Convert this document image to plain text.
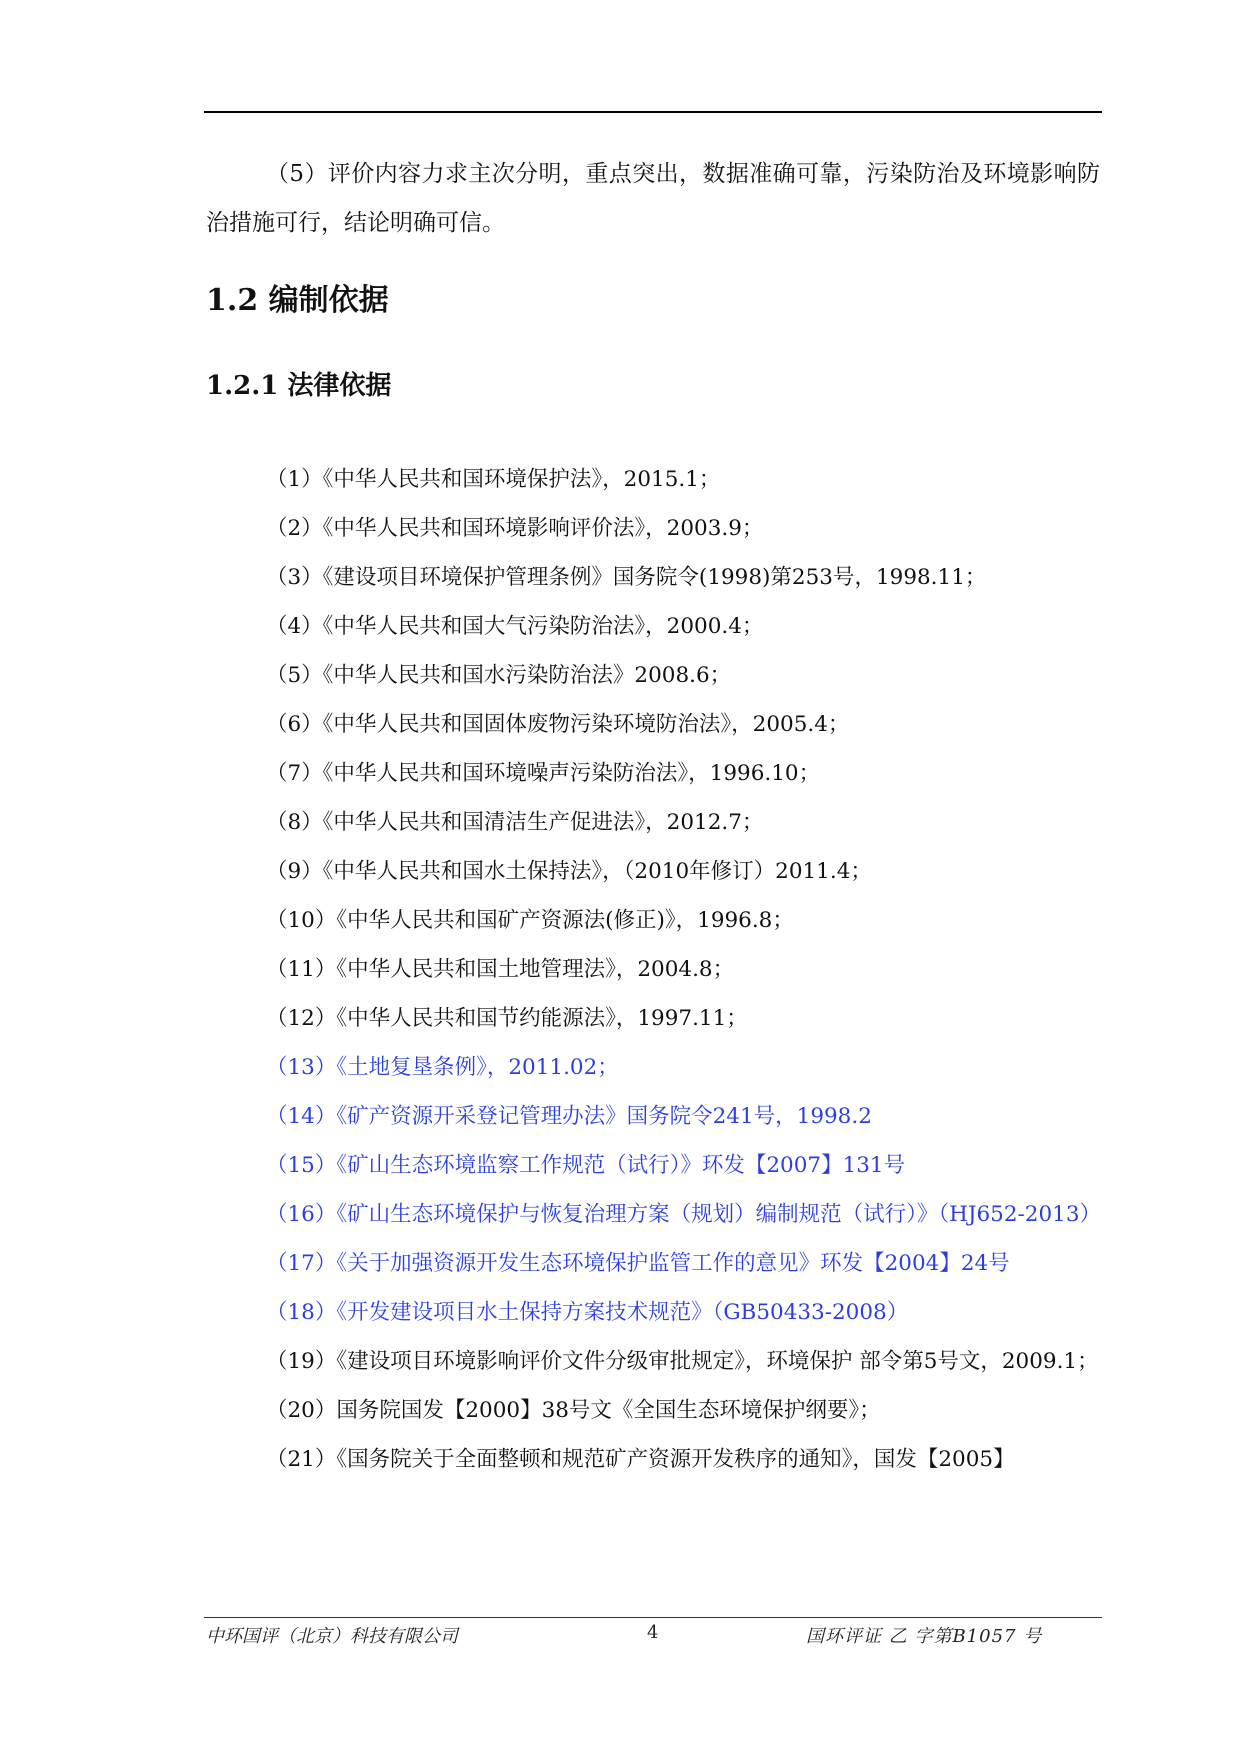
（5）评价内容力求主次分明，重点突出，数据准确可靠，污染防治及环境影响防治措施可行，结论明确可信。

1.2 编制依据
1.2.1 法律依据
（1）《中华人民共和国环境保护法》，2015.1；
（2）《中华人民共和国环境影响评价法》，2003.9；
（3）《建设项目环境保护管理条例》国务院令(1998)第253号，1998.11；
（4）《中华人民共和国大气污染防治法》，2000.4；
（5）《中华人民共和国水污染防治法》2008.6；
（6）《中华人民共和国固体废物污染环境防治法》，2005.4；
（7）《中华人民共和国环境噪声污染防治法》，1996.10；
（8）《中华人民共和国清洁生产促进法》，2012.7；
（9）《中华人民共和国水土保持法》，（2010年修订）2011.4；
（10）《中华人民共和国矿产资源法(修正)》，1996.8；
（11）《中华人民共和国土地管理法》，2004.8；
（12）《中华人民共和国节约能源法》，1997.11；
（13）《土地复垦条例》，2011.02；
（14）《矿产资源开采登记管理办法》国务院令241号，1998.2
（15）《矿山生态环境监察工作规范（试行）》环发【2007】131号
（16）《矿山生态环境保护与恢复治理方案（规划）编制规范（试行）》（HJ652-2013）
（17）《关于加强资源开发生态环境保护监管工作的意见》环发【2004】24号
（18）《开发建设项目水土保持方案技术规范》（GB50433-2008）
（19）《建设项目环境影响评价文件分级审批规定》，环境保护 部令第5号文，2009.1；
（20）国务院国发【2000】38号文《全国生态环境保护纲要》；
（21）《国务院关于全面整顿和规范矿产资源开发秩序的通知》，国发【2005】
中环国评（北京）科技有限公司	4	国环评证 乙 字第B1057 号
